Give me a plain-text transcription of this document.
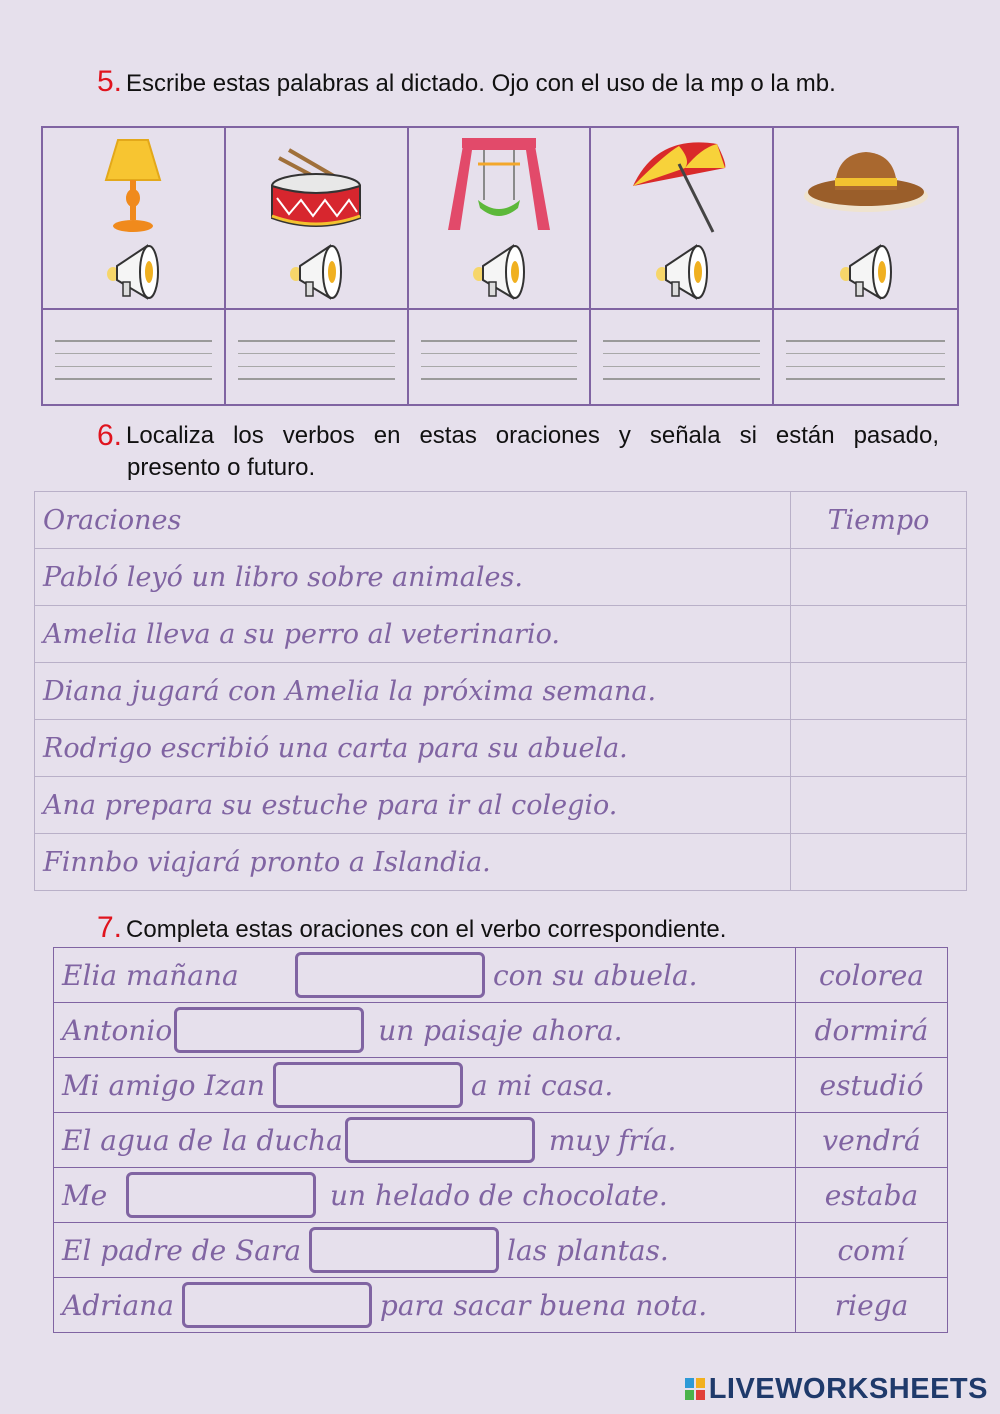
5. Escribe estas palabras al dictado. Ojo con el uso de la mp o la mb.
6. Localiza los verbos en estas oraciones y señala si están pasado,
presento o futuro.
Oraciones	Tiempo
Pabló leyó un libro sobre animales.	
Amelia lleva a su perro al veterinario.	
Diana jugará con Amelia la próxima semana.	
Rodrigo escribió una carta para su abuela.	
Ana prepara su estuche para ir al colegio.	
Finnbo viajará pronto a Islandia.	
7. Completa estas oraciones con el verbo correspondiente.
Elia mañana con su abuela.	colorea

Antonio un paisaje ahora.	dormirá

Mi amigo Izan a mi casa.	estudió

El agua de la ducha muy fría.	vendrá

Me un helado de chocolate.	estaba

El padre de Sara las plantas.	comí

Adriana para sacar buena nota.	riega
LIVEWORKSHEETS
